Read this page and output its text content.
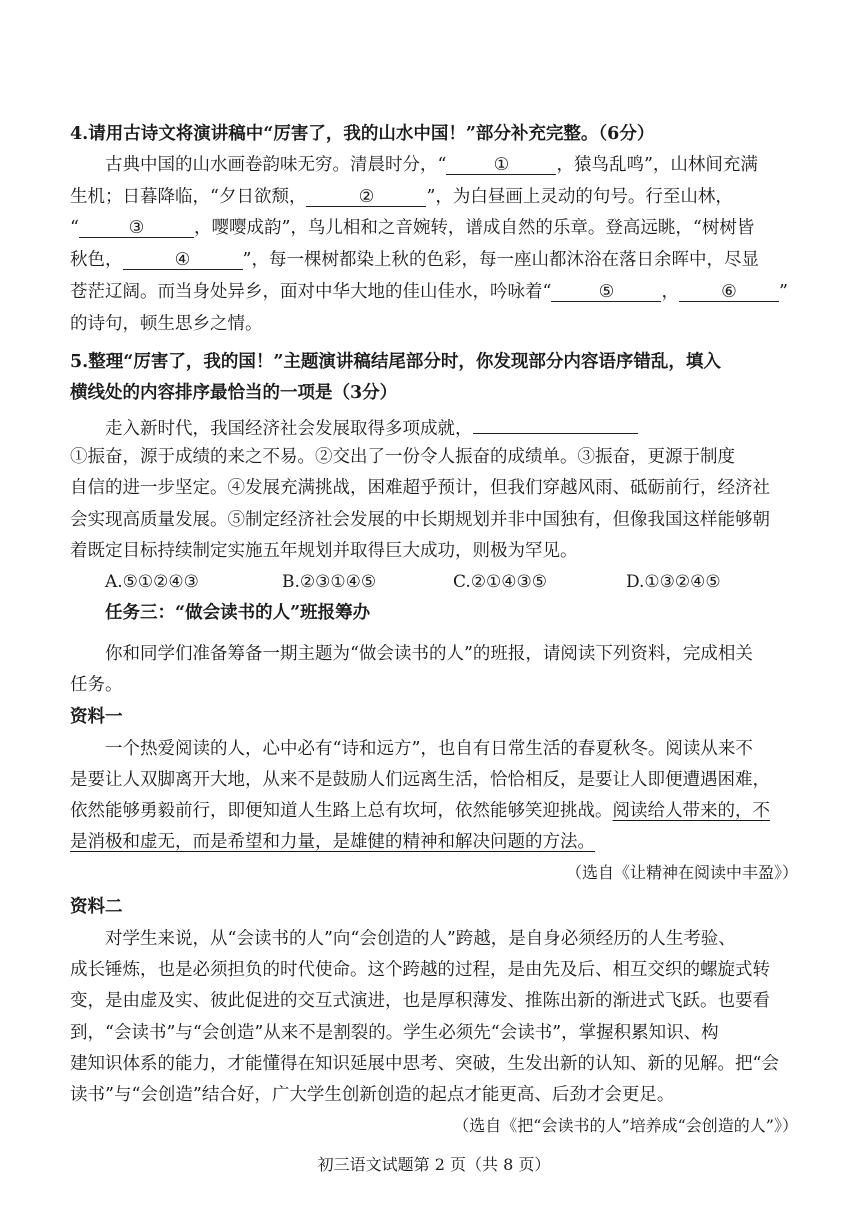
4.请用古诗文将演讲稿中“厉害了，我的山水中国！”部分补充完整。（6分）
古典中国的山水画卷韵味无穷。清晨时分，“	①	，猿鸟乱鸣”，山林间充满
生机；日暮降临，“夕日欲颓，	②	”，为白昼画上灵动的句号。行至山林，
“	③	，嘤嘤成韵”，鸟儿相和之音婉转，谱成自然的乐章。登高远眺，“树树皆
秋色，	④	”，每一棵树都染上秋的色彩，每一座山都沐浴在落日余晖中，尽显
苍茫辽阔。而当身处异乡，面对中华大地的佳山佳水，吟咏着“	⑤	， ⑥ ”
的诗句，顿生思乡之情。
5.整理“厉害了，我的国！”主题演讲稿结尾部分时，你发现部分内容语序错乱，填入
横线处的内容排序最恰当的一项是（3分）
走入新时代，我国经济社会发展取得多项成就，
①振奋，源于成绩的来之不易。②交出了一份令人振奋的成绩单。③振奋，更源于制度
自信的进一步坚定。④发展充满挑战，困难超乎预计，但我们穿越风雨、砥砺前行，经济社
会实现高质量发展。⑤制定经济社会发展的中长期规划并非中国独有，但像我国这样能够朝
着既定目标持续制定实施五年规划并取得巨大成功，则极为罕见。
A.⑤①②④③	B.②③①④⑤	C.②①④③⑤	D.①③②④⑤
任务三：“做会读书的人”班报筹办
你和同学们准备筹备一期主题为“做会读书的人”的班报，请阅读下列资料，完成相关
任务。
资料一
一个热爱阅读的人，心中必有“诗和远方”，也自有日常生活的春夏秋冬。阅读从来不
是要让人双脚离开大地，从来不是鼓励人们远离生活，恰恰相反，是要让人即便遭遇困难，
依然能够勇毅前行，即便知道人生路上总有坎坷，依然能够笑迎挑战。阅读给人带来的，不
是消极和虚无，而是希望和力量，是雄健的精神和解决问题的方法。
（选自《让精神在阅读中丰盈》）
资料二
对学生来说，从“会读书的人”向“会创造的人”跨越，是自身必须经历的人生考验、
成长锤炼，也是必须担负的时代使命。这个跨越的过程，是由先及后、相互交织的螺旋式转
变，是由虚及实、彼此促进的交互式演进，也是厚积薄发、推陈出新的渐进式飞跃。也要看
到，“会读书”与“会创造”从来不是割裂的。学生必须先“会读书”，掌握积累知识、构
建知识体系的能力，才能懂得在知识延展中思考、突破，生发出新的认知、新的见解。把“会
读书”与“会创造”结合好，广大学生创新创造的起点才能更高、后劲才会更足。
（选自《把“会读书的人”培养成“会创造的人”》）
初三语文试题第 2 页（共 8 页）
